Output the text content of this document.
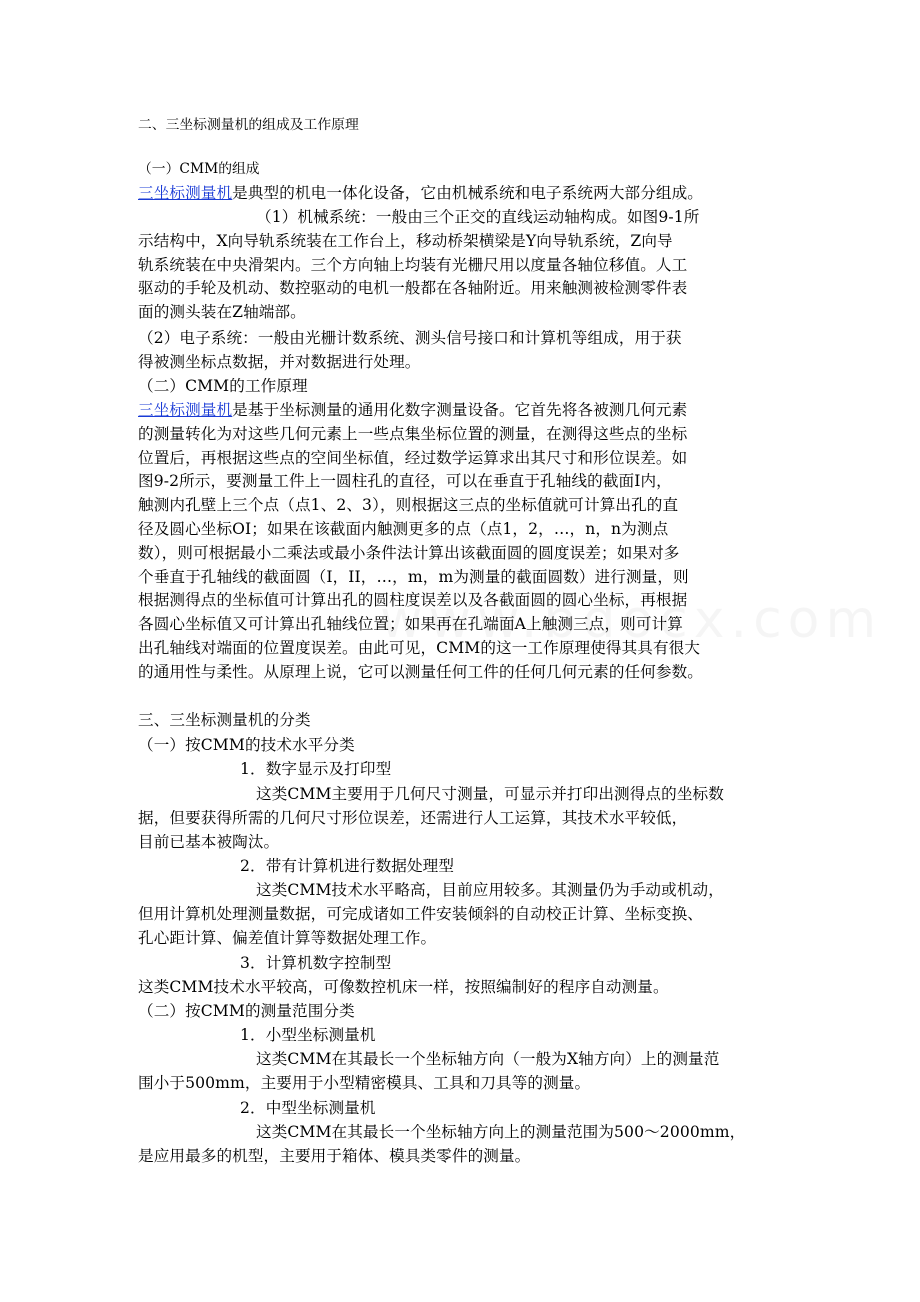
二、三坐标测量机的组成及工作原理

（一）CMM的组成

三坐标测量机是典型的机电一体化设备，它由机械系统和电子系统两大部分组成。

（1）机械系统：一般由三个正交的直线运动轴构成。如图9-1所

示结构中，X向导轨系统装在工作台上，移动桥架横梁是Y向导轨系统，Z向导

轨系统装在中央滑架内。三个方向轴上均装有光栅尺用以度量各轴位移值。人工

驱动的手轮及机动、数控驱动的电机一般都在各轴附近。用来触测被检测零件表

面的测头装在Z轴端部。

（2）电子系统：一般由光栅计数系统、测头信号接口和计算机等组成，用于获

得被测坐标点数据，并对数据进行处理。

（二）CMM的工作原理

三坐标测量机是基于坐标测量的通用化数字测量设备。它首先将各被测几何元素

的测量转化为对这些几何元素上一些点集坐标位置的测量，在测得这些点的坐标

位置后，再根据这些点的空间坐标值，经过数学运算求出其尺寸和形位误差。如

图9-2所示，要测量工件上一圆柱孔的直径，可以在垂直于孔轴线的截面I内，

触测内孔壁上三个点（点1、2、3），则根据这三点的坐标值就可计算出孔的直

径及圆心坐标OI；如果在该截面内触测更多的点（点1，2，…，n，n为测点

数），则可根据最小二乘法或最小条件法计算出该截面圆的圆度误差；如果对多

个垂直于孔轴线的截面圆（I，II，…，m，m为测量的截面圆数）进行测量，则

根据测得点的坐标值可计算出孔的圆柱度误差以及各截面圆的圆心坐标，再根据

各圆心坐标值又可计算出孔轴线位置；如果再在孔端面A上触测三点，则可计算

出孔轴线对端面的位置度误差。由此可见，CMM的这一工作原理使得其具有很大

的通用性与柔性。从原理上说，它可以测量任何工件的任何几何元素的任何参数。

三、三坐标测量机的分类

（一）按CMM的技术水平分类

1．数字显示及打印型

这类CMM主要用于几何尺寸测量，可显示并打印出测得点的坐标数

据，但要获得所需的几何尺寸形位误差，还需进行人工运算，其技术水平较低，

目前已基本被陶汰。

2．带有计算机进行数据处理型

这类CMM技术水平略高，目前应用较多。其测量仍为手动或机动，

但用计算机处理测量数据，可完成诸如工件安装倾斜的自动校正计算、坐标变换、

孔心距计算、偏差值计算等数据处理工作。

3．计算机数字控制型

这类CMM技术水平较高，可像数控机床一样，按照编制好的程序自动测量。

（二）按CMM的测量范围分类

1．小型坐标测量机

这类CMM在其最长一个坐标轴方向（一般为X轴方向）上的测量范

围小于500mm，主要用于小型精密模具、工具和刀具等的测量。

2．中型坐标测量机

这类CMM在其最长一个坐标轴方向上的测量范围为500～2000mm，

是应用最多的机型，主要用于箱体、模具类零件的测量。
